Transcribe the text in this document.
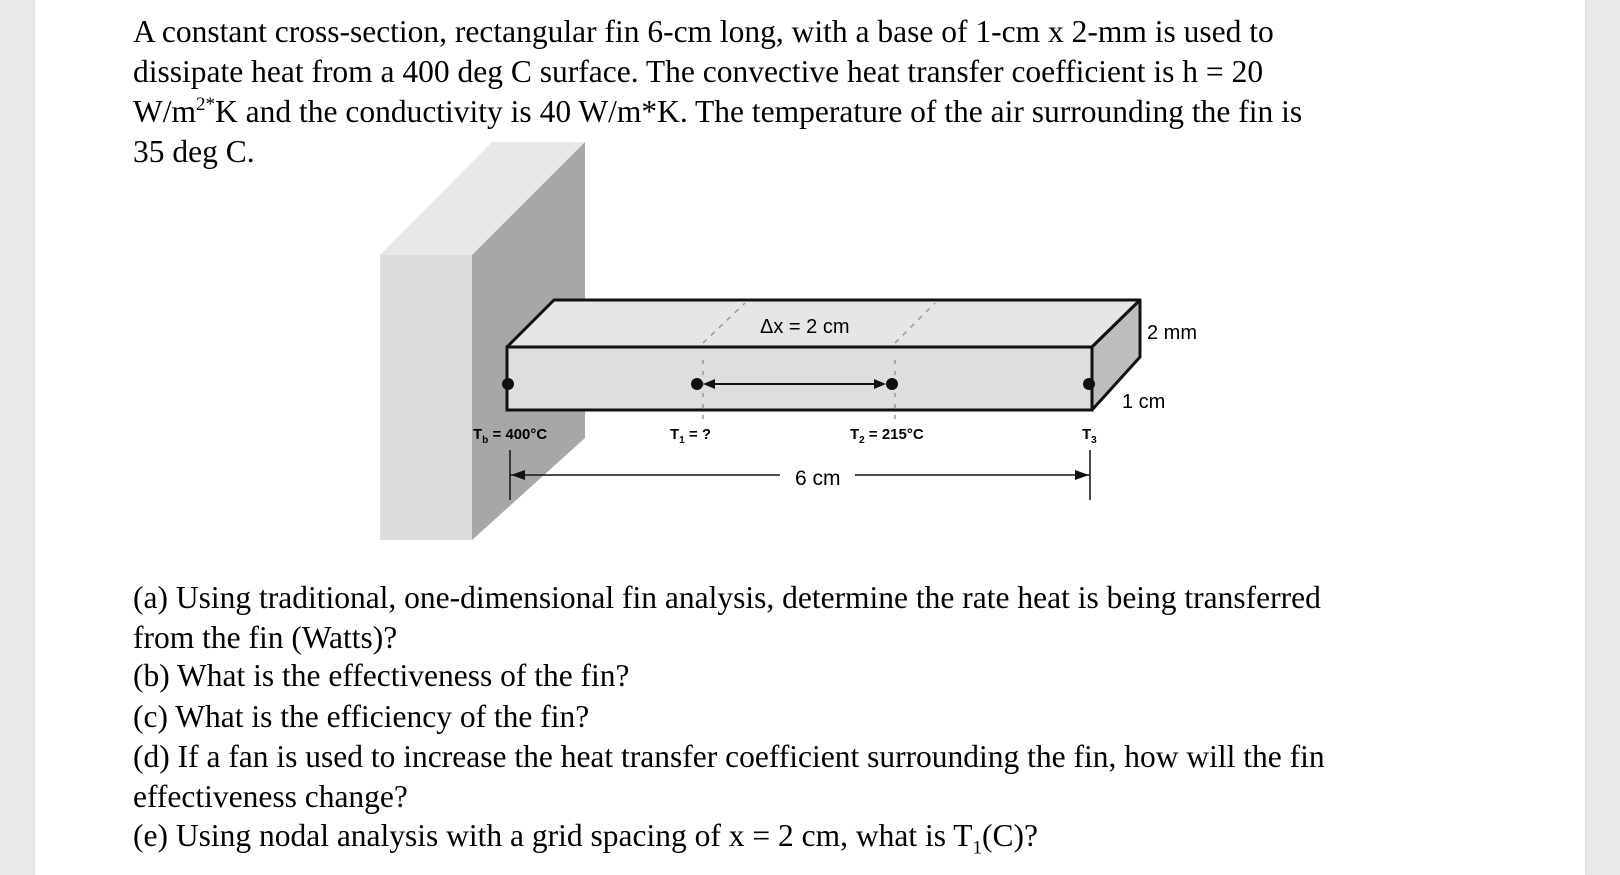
A constant cross-section, rectangular fin 6-cm long, with a base of 1-cm x 2-mm is used to
dissipate heat from a 400 deg C surface. The convective heat transfer coefficient is h = 20
$W/m^{2*}K$ and the conductivity is 40 W/m*K. The temperature of the air surrounding the fin is
35 deg C.
Δx = 2 cm	2 mm
1 cm
6 cm
$T_b = 400^\circ C$	$T_1$ = ?	$T_2 = 215^\circ C$	$T_3$
(a) Using traditional, one-dimensional fin analysis, determine the rate heat is being transferred
from the fin (Watts)?
(b) What is the effectiveness of the fin?
(c) What is the efficiency of the fin?
(d) If a fan is used to increase the heat transfer coefficient surrounding the fin, how will the fin
effectiveness change?
(e) Using nodal analysis with a grid spacing of x = 2 cm, what is $T_1(C)$?
